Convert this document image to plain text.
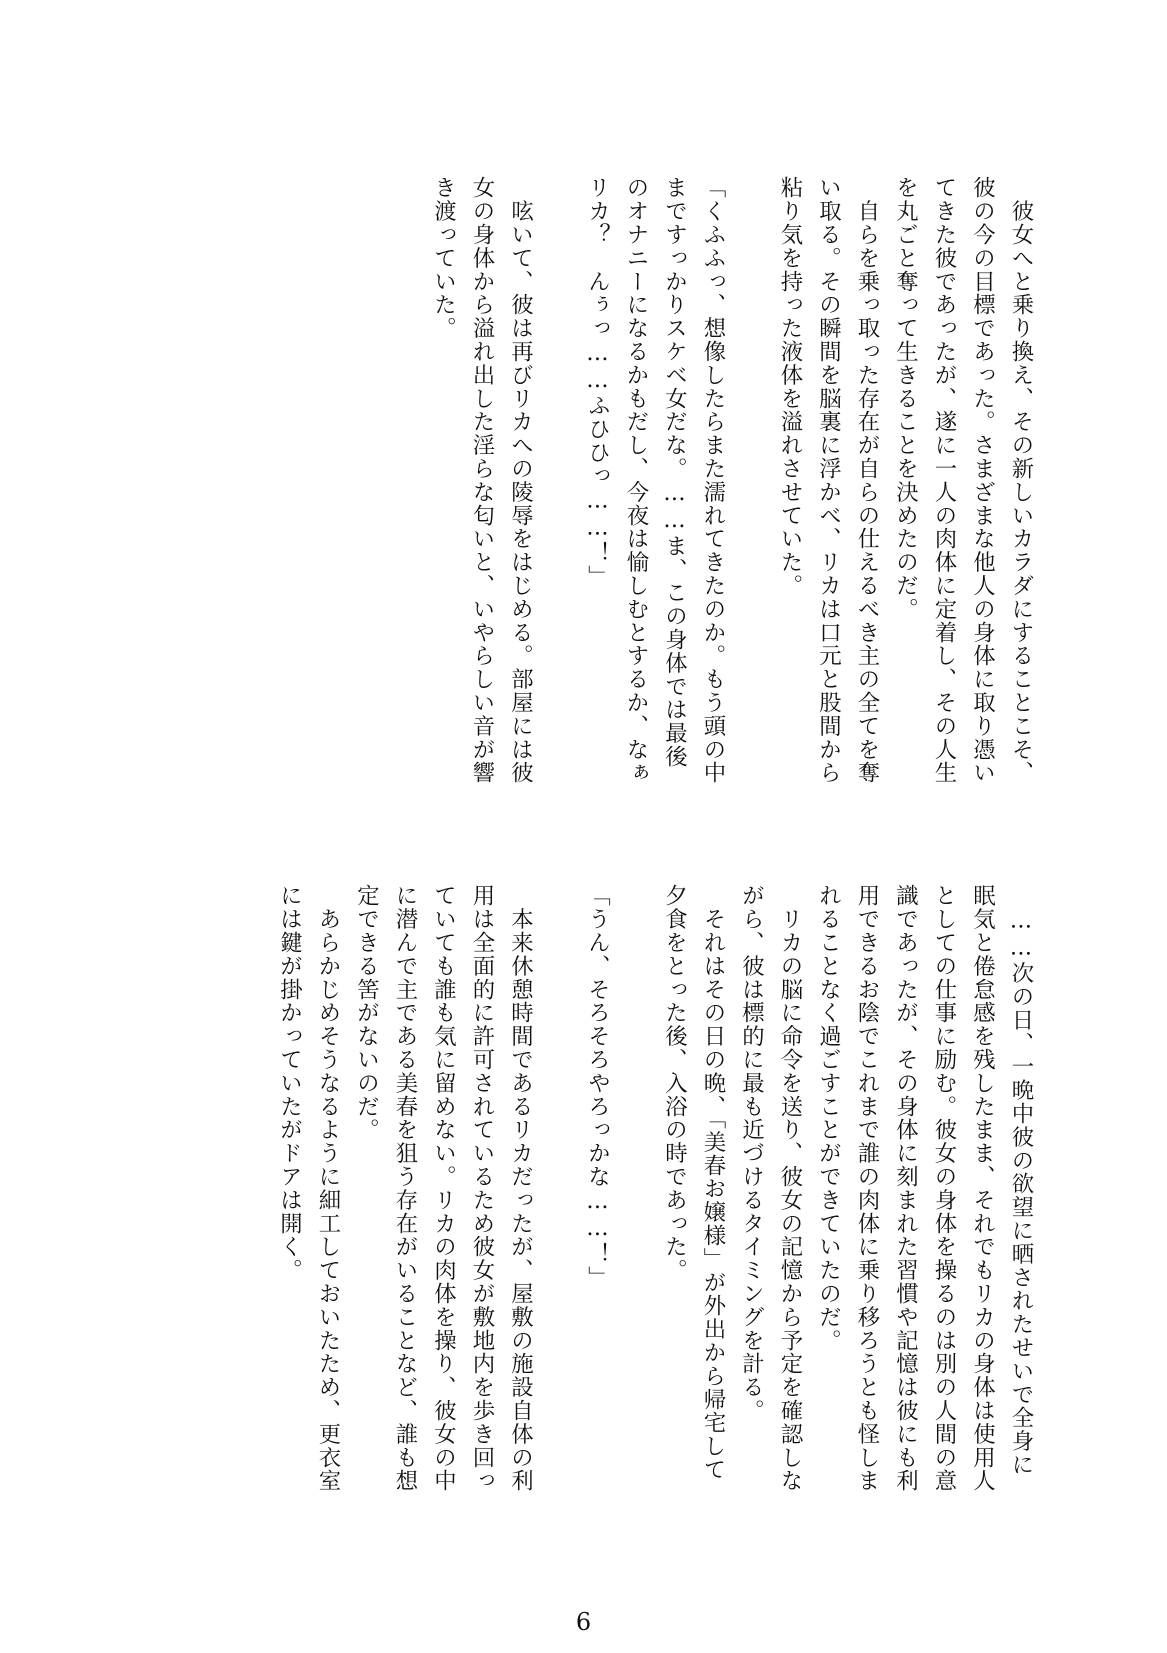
　彼女へと乗り換え、その新しいカラダにすることこそ、
彼の今の目標であった。さまざまな他人の身体に取り憑い
てきた彼であったが、遂に一人の肉体に定着し、その人生
を丸ごと奪って生きることを決めたのだ。
　自らを乗っ取った存在が自らの仕えるべき主の全てを奪
い取る。その瞬間を脳裏に浮かべ、リカは口元と股間から
粘り気を持った液体を溢れさせていた。
「くふふっ、想像したらまた濡れてきたのか。もう頭の中
まですっかりスケベ女だな。……ま、この身体では最後
のオナニーになるかもだし、今夜は愉しむとするか、なぁ
リカ？　んぅっ……ふひひっ……！」
　呟いて、彼は再びリカへの陵辱をはじめる。部屋には彼
女の身体から溢れ出した淫らな匂いと、いやらしい音が響
き渡っていた。
　……次の日、一晩中彼の欲望に晒されたせいで全身に
眠気と倦怠感を残したまま、それでもリカの身体は使用人
としての仕事に励む。彼女の身体を操るのは別の人間の意
識であったが、その身体に刻まれた習慣や記憶は彼にも利
用できるお陰でこれまで誰の肉体に乗り移ろうとも怪しま
れることなく過ごすことができていたのだ。
　リカの脳に命令を送り、彼女の記憶から予定を確認しな
がら、彼は標的に最も近づけるタイミングを計る。
　それはその日の晩、「美春お嬢様」が外出から帰宅して
夕食をとった後、入浴の時であった。
「うん、そろそろやろっかな……！」
　本来休憩時間であるリカだったが、屋敷の施設自体の利
用は全面的に許可されているため彼女が敷地内を歩き回っ
ていても誰も気に留めない。リカの肉体を操り、彼女の中
に潜んで主である美春を狙う存在がいることなど、誰も想
定できる筈がないのだ。
　あらかじめそうなるように細工しておいたため、更衣室
には鍵が掛かっていたがドアは開く。
6
